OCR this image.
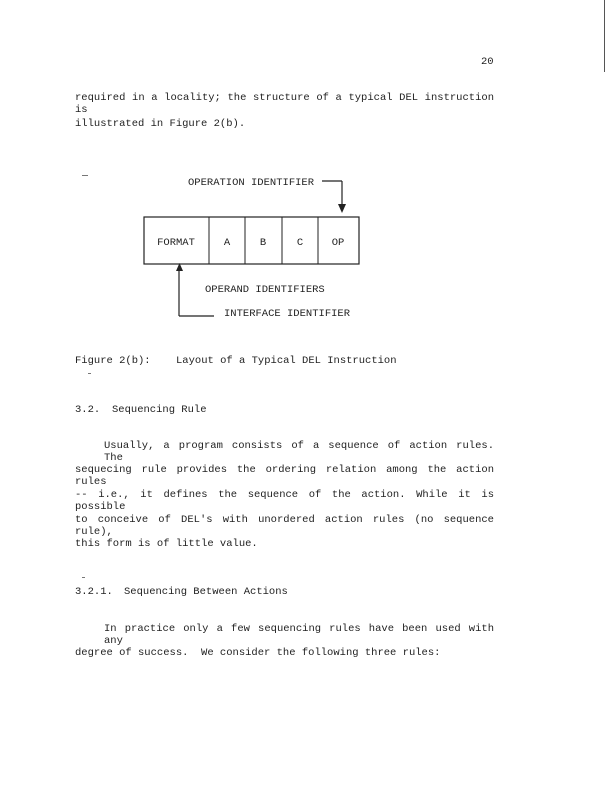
20
required in a locality; the structure of a typical DEL instruction is
illustrated in Figure 2(b).
OPERATION IDENTIFIER
FORMAT	A	B	C	OP
OPERAND IDENTIFIERS
INTERFACE IDENTIFIER
Figure 2(b): Layout of a Typical DEL Instruction
3.2. Sequencing Rule
Usually, a program consists of a sequence of action rules. The
sequecing rule provides the ordering relation among the action rules
-- i.e., it defines the sequence of the action. While it is possible
to conceive of DEL's with unordered action rules (no sequence rule),
this form is of little value.
3.2.1. Sequencing Between Actions
In practice only a few sequencing rules have been used with any
degree of success.  We consider the following three rules:
